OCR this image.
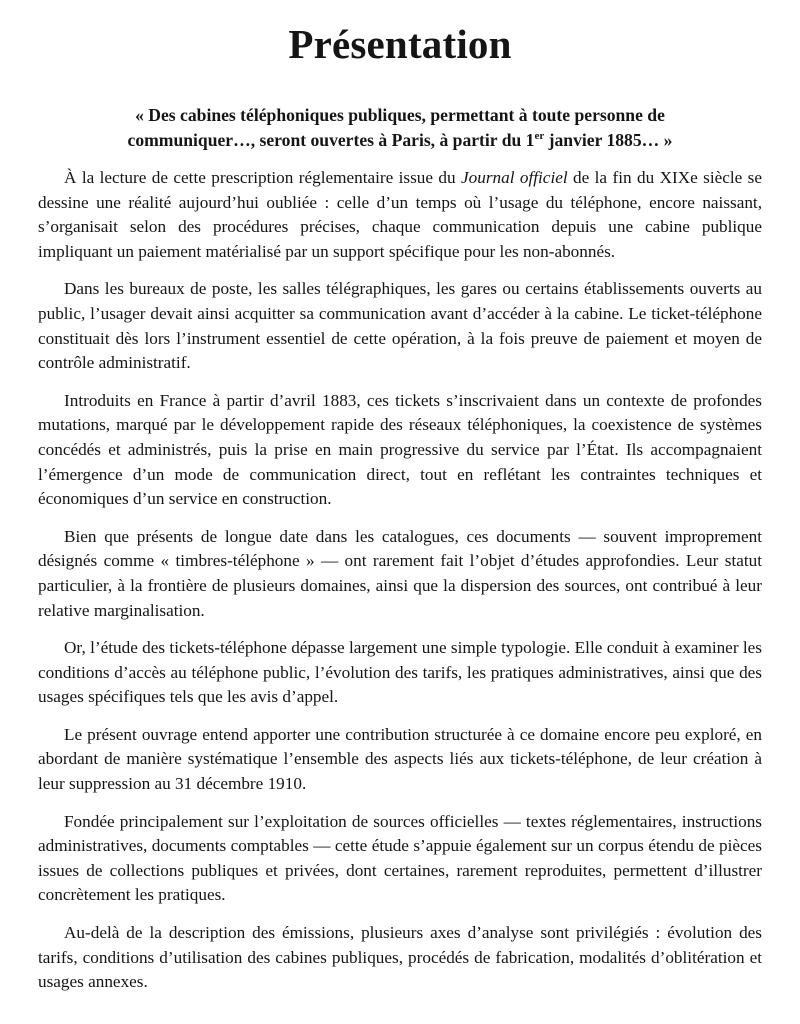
Présentation

« Des cabines téléphoniques publiques, permettant à toute personne de communiquer…, seront ouvertes à Paris, à partir du 1er janvier 1885… »

À la lecture de cette prescription réglementaire issue du Journal officiel de la fin du XIXe siècle se dessine une réalité aujourd’hui oubliée : celle d’un temps où l’usage du téléphone, encore naissant, s’organisait selon des procédures précises, chaque communication depuis une cabine publique impliquant un paiement matérialisé par un support spécifique pour les non-abonnés.

Dans les bureaux de poste, les salles télégraphiques, les gares ou certains établissements ouverts au public, l’usager devait ainsi acquitter sa communication avant d’accéder à la cabine. Le ticket-téléphone constituait dès lors l’instrument essentiel de cette opération, à la fois preuve de paiement et moyen de contrôle administratif.

Introduits en France à partir d’avril 1883, ces tickets s’inscrivaient dans un contexte de profondes mutations, marqué par le développement rapide des réseaux téléphoniques, la coexistence de systèmes concédés et administrés, puis la prise en main progressive du service par l’État. Ils accompagnaient l’émergence d’un mode de communication direct, tout en reflétant les contraintes techniques et économiques d’un service en construction.

Bien que présents de longue date dans les catalogues, ces documents — souvent improprement désignés comme « timbres-téléphone » — ont rarement fait l’objet d’études approfondies. Leur statut particulier, à la frontière de plusieurs domaines, ainsi que la dispersion des sources, ont contribué à leur relative marginalisation.

Or, l’étude des tickets-téléphone dépasse largement une simple typologie. Elle conduit à examiner les conditions d’accès au téléphone public, l’évolution des tarifs, les pratiques administratives, ainsi que des usages spécifiques tels que les avis d’appel.

Le présent ouvrage entend apporter une contribution structurée à ce domaine encore peu exploré, en abordant de manière systématique l’ensemble des aspects liés aux tickets-téléphone, de leur création à leur suppression au 31 décembre 1910.

Fondée principalement sur l’exploitation de sources officielles — textes réglementaires, instructions administratives, documents comptables — cette étude s’appuie également sur un corpus étendu de pièces issues de collections publiques et privées, dont certaines, rarement reproduites, permettent d’illustrer concrètement les pratiques.

Au-delà de la description des émissions, plusieurs axes d’analyse sont privilégiés : évolution des tarifs, conditions d’utilisation des cabines publiques, procédés de fabrication, modalités d’oblitération et usages annexes.
